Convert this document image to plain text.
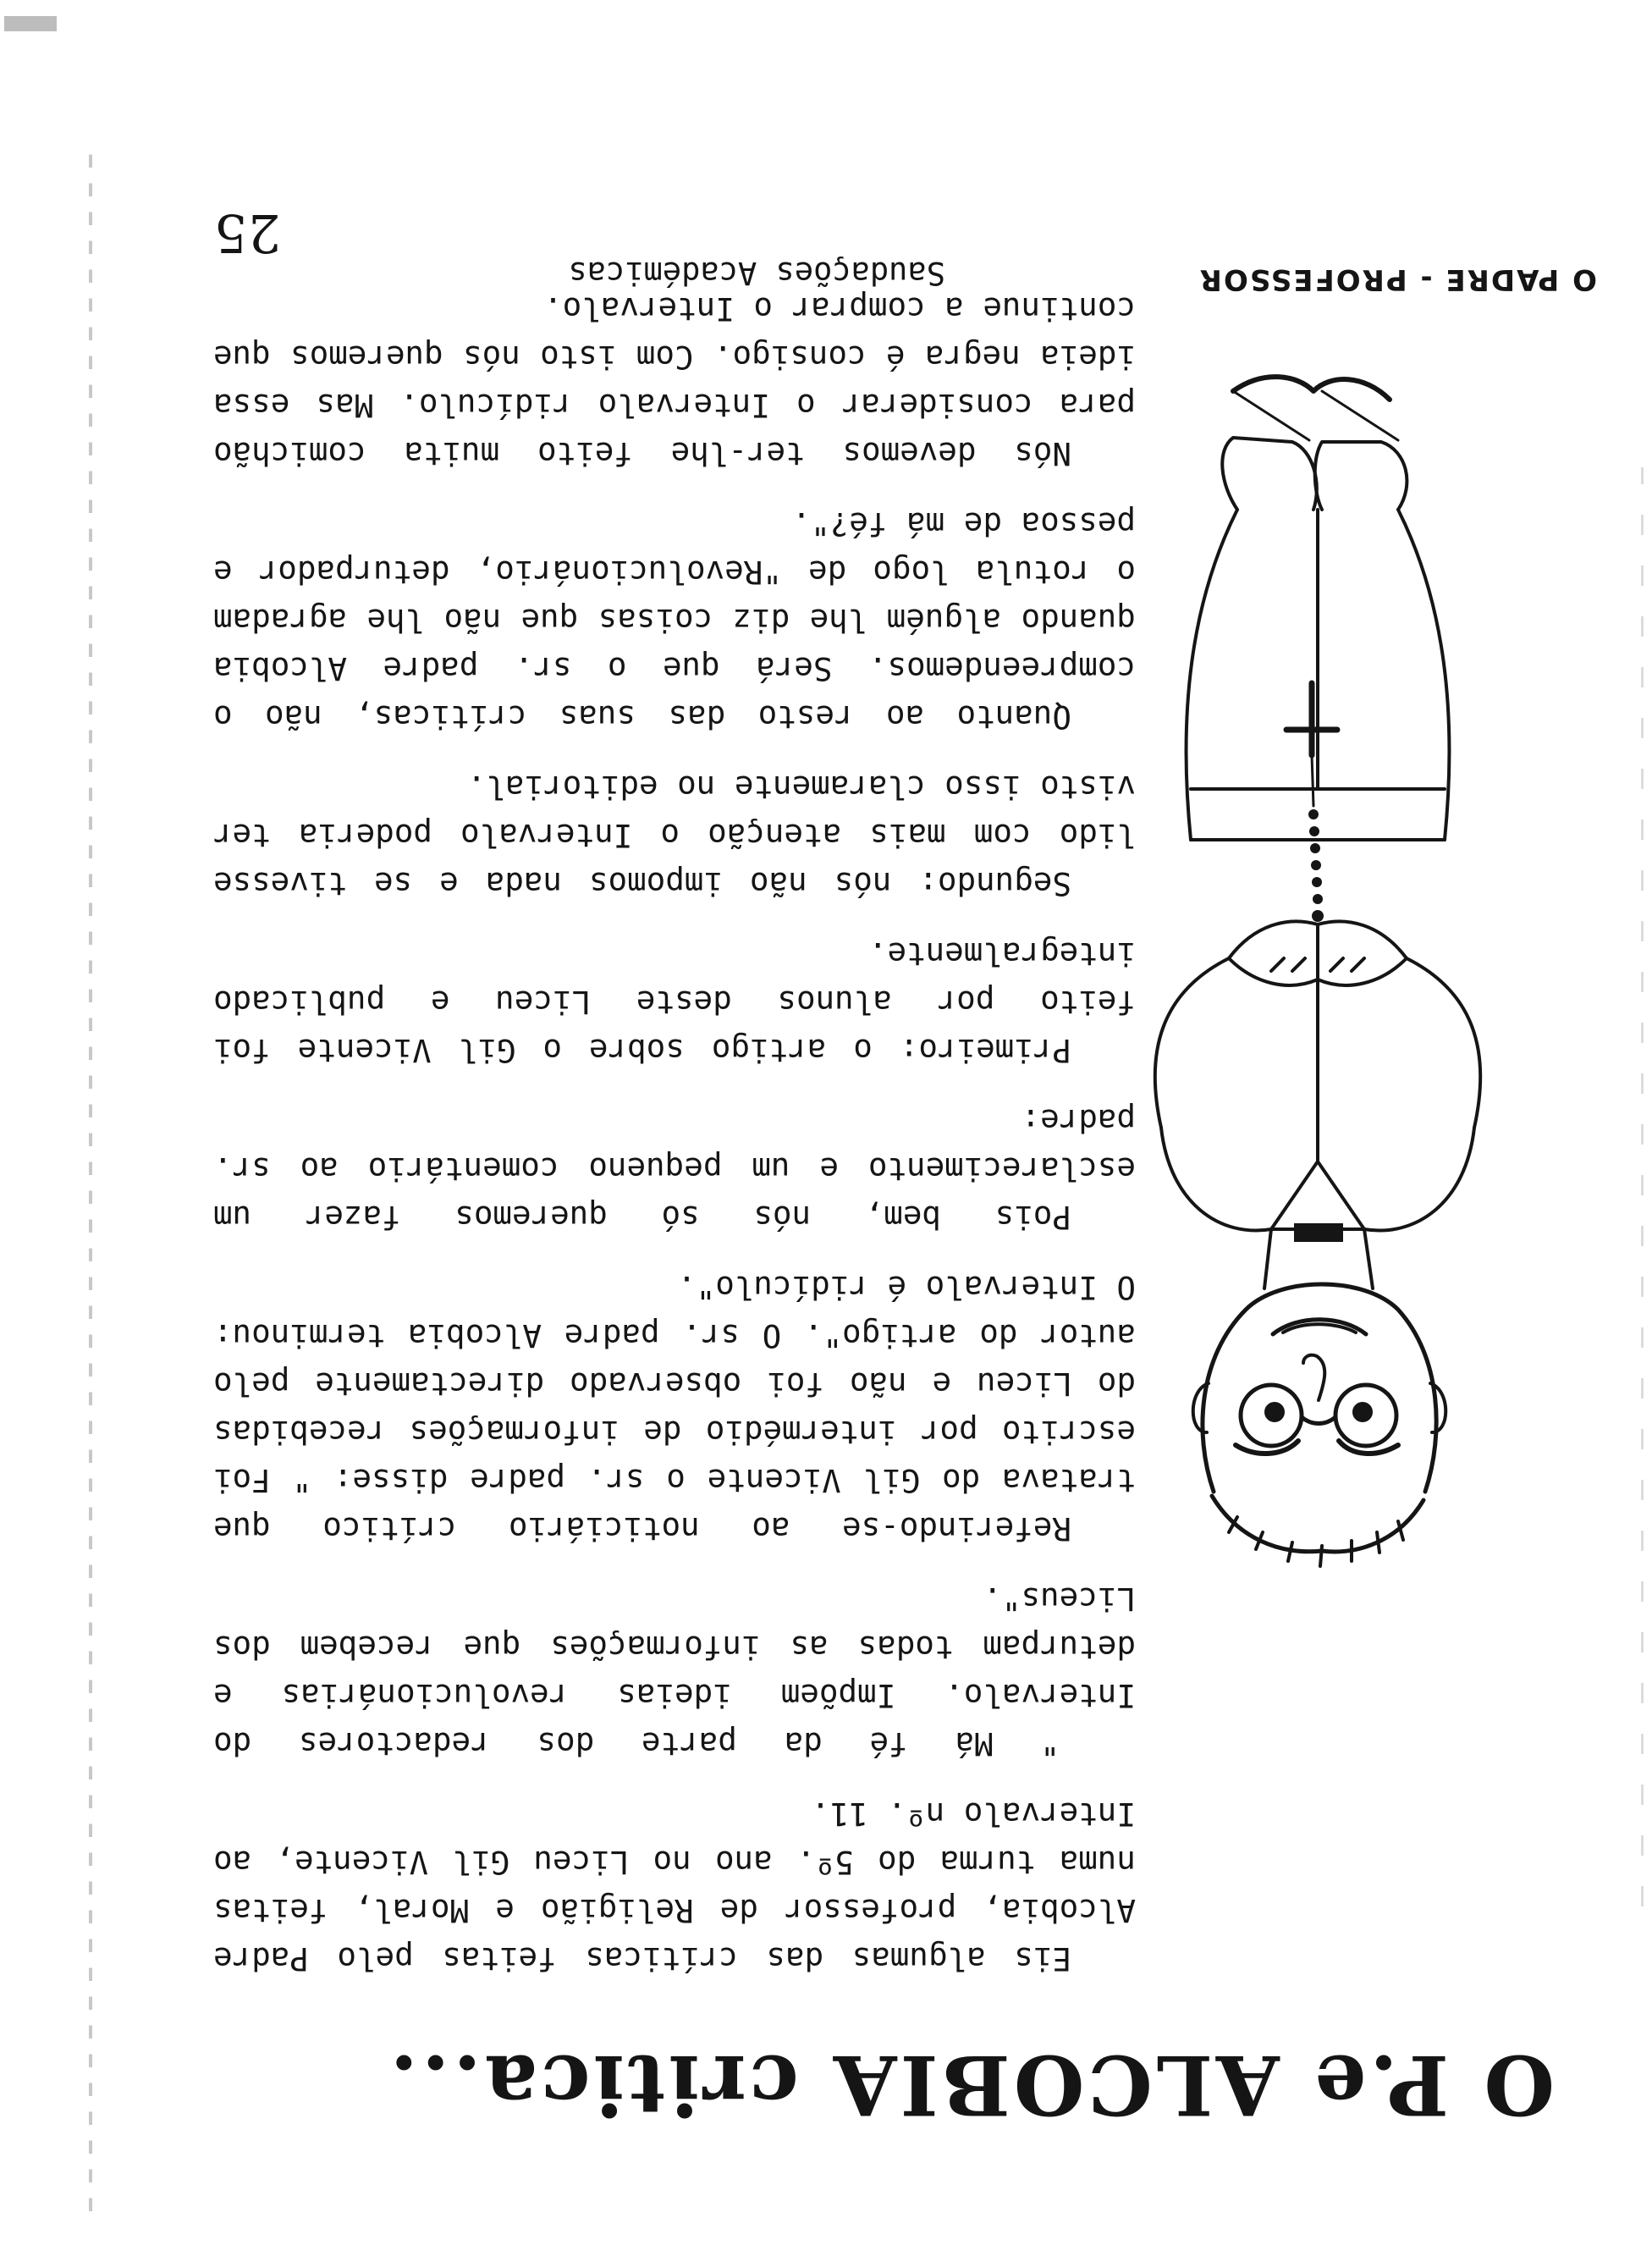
O P.e ALCOBIA critica...

Eis algumas das críticas feitas pelo Padre Alcobia, professor de Religião e Moral, feitas numa turma do 5º. ano no Liceu Gil Vicente, ao Intervalo nº. 11.

" Má fé da parte dos redactores do Intervalo. Impõem ideias revolucionárias e deturpam todas as informações que recebem dos Liceus".

Referindo-se ao noticiário crítico que tratava do Gil Vicente o sr. padre disse: " Foi escrito por intermédio de informações recebidas do Liceu e não foi observado directamente pelo autor do artigo". O sr. padre Alcobia terminou: O Intervalo é ridículo".

Pois bem, nós só queremos fazer um esclarecimento e um pequeno comentário ao sr. padre:

Primeiro: o artigo sobre o Gil Vicente foi feito por alunos deste Liceu e publicado integralmente.

Segundo: nós não impomos nada e se tivesse lido com mais atenção o Intervalo poderia ter visto isso claramente no editorial.

Quanto ao resto das suas críticas, não o compreendemos. Será que o sr. padre Alcobia quando alguém lhe diz coisas que não lhe agradam o rotula logo de "Revolucionário, deturpador e pessoa de má fé?".

Nós devemos ter-lhe feito muita comichão para considerar o Intervalo ridículo. Mas essa ideia negra é consigo. Com isto nós queremos que continue a comprar o Intervalo.

Saudações Académicas
25
O PADRE - PROFESSOR
